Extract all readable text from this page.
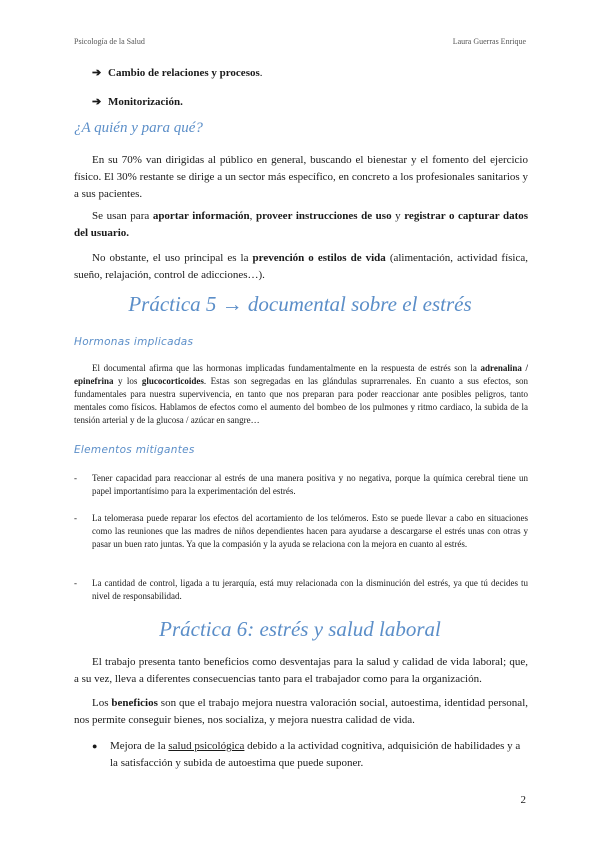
Psicología de la Salud	Laura Guerras Enrique
➔ Cambio de relaciones y procesos.
➔ Monitorización.
¿A quién y para qué?
En su 70% van dirigidas al público en general, buscando el bienestar y el fomento del ejercicio físico. El 30% restante se dirige a un sector más específico, en concreto a los profesionales sanitarios y a sus pacientes.
Se usan para aportar información, proveer instrucciones de uso y registrar o capturar datos del usuario.
No obstante, el uso principal es la prevención o estilos de vida (alimentación, actividad física, sueño, relajación, control de adicciones…).
Práctica 5 → documental sobre el estrés
Hormonas implicadas
El documental afirma que las hormonas implicadas fundamentalmente en la respuesta de estrés son la adrenalina / epinefrina y los glucocorticoides. Estas son segregadas en las glándulas suprarrenales. En cuanto a sus efectos, son fundamentales para nuestra supervivencia, en tanto que nos preparan para poder reaccionar ante posibles peligros, tanto mentales como físicos. Hablamos de efectos como el aumento del bombeo de los pulmones y ritmo cardiaco, la subida de la tensión arterial y de la glucosa / azúcar en sangre…
Elementos mitigantes
- Tener capacidad para reaccionar al estrés de una manera positiva y no negativa, porque la química cerebral tiene un papel importantísimo para la experimentación del estrés.
- La telomerasa puede reparar los efectos del acortamiento de los telómeros. Esto se puede llevar a cabo en situaciones como las reuniones que las madres de niños dependientes hacen para ayudarse a descargarse el estrés unas con otras y pasar un buen rato juntas. Ya que la compasión y la ayuda se relaciona con la mejora en cuanto al estrés.
- La cantidad de control, ligada a tu jerarquía, está muy relacionada con la disminución del estrés, ya que tú decides tu nivel de responsabilidad.
Práctica 6: estrés y salud laboral
El trabajo presenta tanto beneficios como desventajas para la salud y calidad de vida laboral; que, a su vez, lleva a diferentes consecuencias tanto para el trabajador como para la organización.
Los beneficios son que el trabajo mejora nuestra valoración social, autoestima, identidad personal, nos permite conseguir bienes, nos socializa, y mejora nuestra calidad de vida.
● Mejora de la salud psicológica debido a la actividad cognitiva, adquisición de habilidades y a la satisfacción y subida de autoestima que puede suponer.
2
